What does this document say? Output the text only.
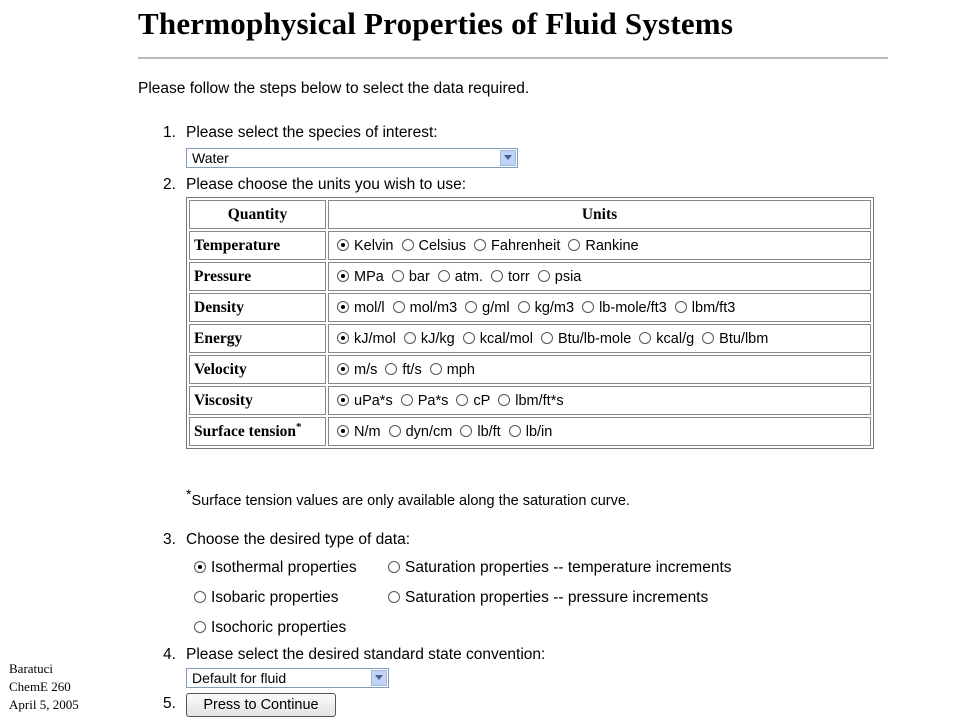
Thermophysical Properties of Fluid Systems
Please follow the steps below to select the data required.
1. Please select the species of interest:
Water
2. Please choose the units you wish to use:
Quantity	Units
Temperature	Kelvin Celsius Fahrenheit Rankine
Pressure	MPa bar atm. torr psia
Density	mol/l mol/m3 g/ml kg/m3 lb-mole/ft3 lbm/ft3
Energy	kJ/mol kJ/kg kcal/mol Btu/lb-mole kcal/g Btu/lbm
Velocity	m/s ft/s mph
Viscosity	uPa*s Pa*s cP lbm/ft*s
Surface tension*	N/m dyn/cm lb/ft lb/in
*Surface tension values are only available along the saturation curve.
3. Choose the desired type of data:
Isothermal properties	Saturation properties -- temperature increments
Isobaric properties	Saturation properties -- pressure increments
Isochoric properties
4. Please select the desired standard state convention:
Default for fluid
5.	Press to Continue
Baratuci
ChemE 260
April 5, 2005
